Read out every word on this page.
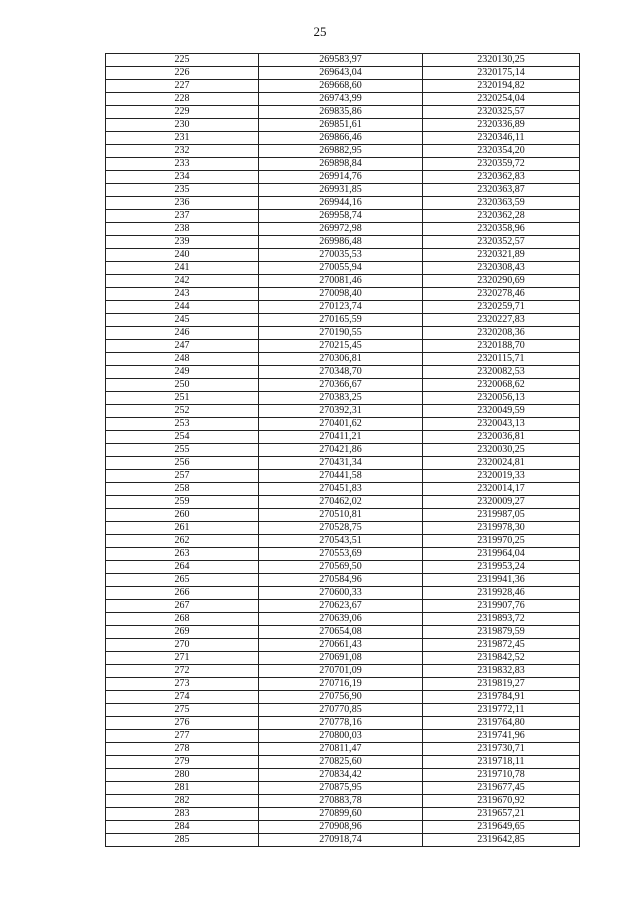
25
225	269583,97	2320130,25
226	269643,04	2320175,14
227	269668,60	2320194,82
228	269743,99	2320254,04
229	269835,86	2320325,57
230	269851,61	2320336,89
231	269866,46	2320346,11
232	269882,95	2320354,20
233	269898,84	2320359,72
234	269914,76	2320362,83
235	269931,85	2320363,87
236	269944,16	2320363,59
237	269958,74	2320362,28
238	269972,98	2320358,96
239	269986,48	2320352,57
240	270035,53	2320321,89
241	270055,94	2320308,43
242	270081,46	2320290,69
243	270098,40	2320278,46
244	270123,74	2320259,71
245	270165,59	2320227,83
246	270190,55	2320208,36
247	270215,45	2320188,70
248	270306,81	2320115,71
249	270348,70	2320082,53
250	270366,67	2320068,62
251	270383,25	2320056,13
252	270392,31	2320049,59
253	270401,62	2320043,13
254	270411,21	2320036,81
255	270421,86	2320030,25
256	270431,34	2320024,81
257	270441,58	2320019,33
258	270451,83	2320014,17
259	270462,02	2320009,27
260	270510,81	2319987,05
261	270528,75	2319978,30
262	270543,51	2319970,25
263	270553,69	2319964,04
264	270569,50	2319953,24
265	270584,96	2319941,36
266	270600,33	2319928,46
267	270623,67	2319907,76
268	270639,06	2319893,72
269	270654,08	2319879,59
270	270661,43	2319872,45
271	270691,08	2319842,52
272	270701,09	2319832,83
273	270716,19	2319819,27
274	270756,90	2319784,91
275	270770,85	2319772,11
276	270778,16	2319764,80
277	270800,03	2319741,96
278	270811,47	2319730,71
279	270825,60	2319718,11
280	270834,42	2319710,78
281	270875,95	2319677,45
282	270883,78	2319670,92
283	270899,60	2319657,21
284	270908,96	2319649,65
285	270918,74	2319642,85
